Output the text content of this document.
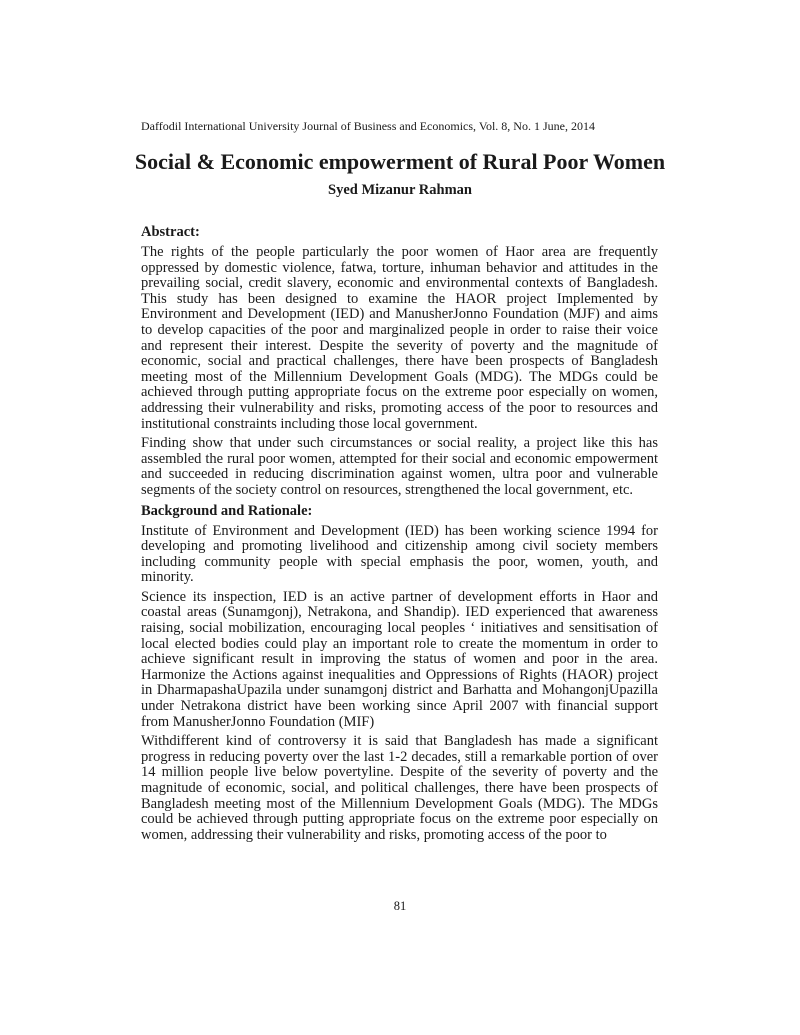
Daffodil International University Journal of Business and Economics, Vol. 8, No. 1 June, 2014
Social & Economic empowerment of Rural Poor Women
Syed Mizanur Rahman
Abstract:

The rights of the people particularly the poor women of Haor area are frequently oppressed by domestic violence, fatwa, torture, inhuman behavior and attitudes in the prevailing social, credit slavery, economic and environmental contexts of Bangladesh. This study has been designed to examine the HAOR project Implemented by Environment and Development (IED) and ManusherJonno Foundation (MJF) and aims to develop capacities of the poor and marginalized people in order to raise their voice and represent their interest. Despite the severity of poverty and the magnitude of economic, social and practical challenges, there have been prospects of Bangladesh meeting most of the Millennium Development Goals (MDG). The MDGs could be achieved through putting appropriate focus on the extreme poor especially on women, addressing their vulnerability and risks, promoting access of the poor to resources and institutional constraints including those local government.

Finding show that under such circumstances or social reality, a project like this has assembled the rural poor women, attempted for their social and economic empowerment and succeeded in reducing discrimination against women, ultra poor and vulnerable segments of the society control on resources, strengthened the local government, etc.

Background and Rationale:

Institute of Environment and Development (IED) has been working science 1994 for developing and promoting livelihood and citizenship among civil society members including community people with special emphasis the poor, women, youth, and minority.

Science its inspection, IED is an active partner of development efforts in Haor and coastal areas (Sunamgonj), Netrakona, and Shandip). IED experienced that awareness raising, social mobilization, encouraging local peoples ‘ initiatives and sensitisation of local elected bodies could play an important role to create the momentum in order to achieve significant result in improving the status of women and poor in the area. Harmonize the Actions against inequalities and Oppressions of Rights (HAOR) project in DharmapashaUpazila under sunamgonj district and Barhatta and MohangonjUpazilla under Netrakona district have been working since April 2007 with financial support from ManusherJonno Foundation (MIF)

Withdifferent kind of controversy it is said that Bangladesh has made a significant progress in reducing poverty over the last 1-2 decades, still a remarkable portion of over 14 million people live below povertyline. Despite of the severity of poverty and the magnitude of economic, social, and political challenges, there have been prospects of Bangladesh meeting most of the Millennium Development Goals (MDG). The MDGs could be achieved through putting appropriate focus on the extreme poor especially on women, addressing their vulnerability and risks, promoting access of the poor to

81
